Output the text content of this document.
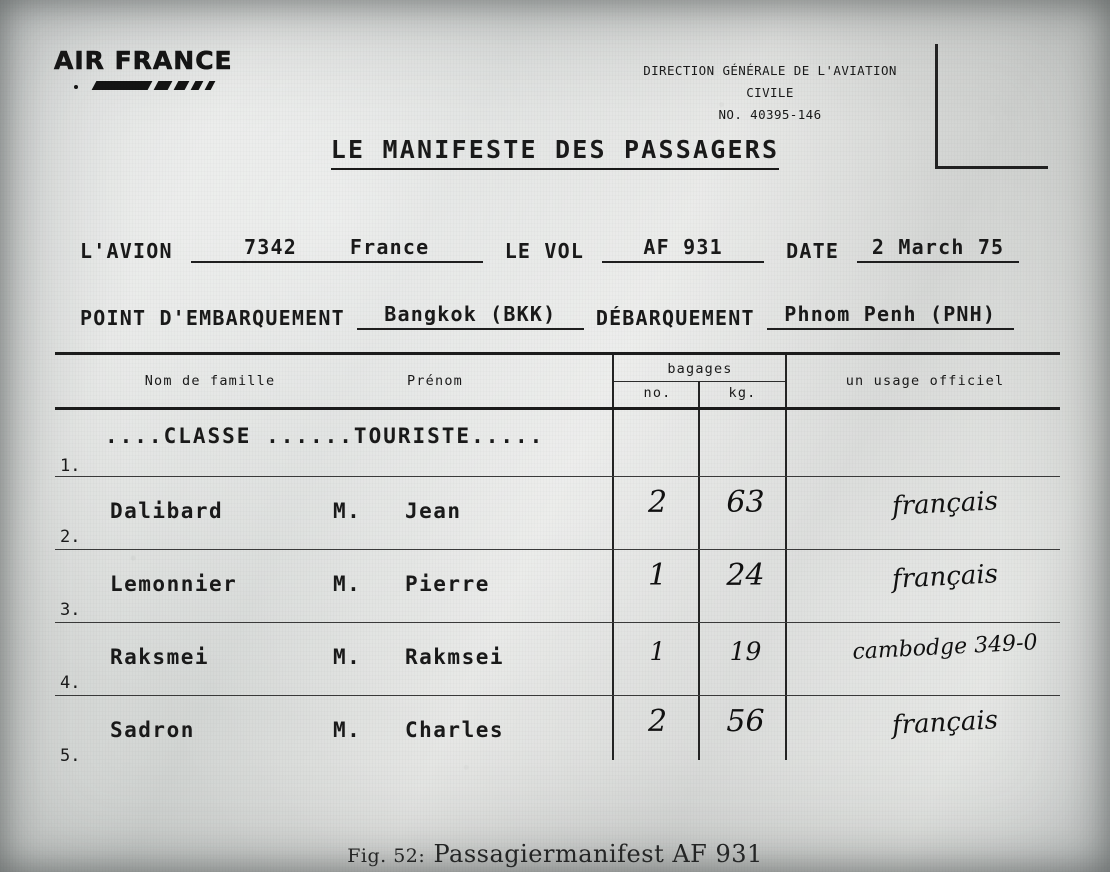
AIR FRANCE	DIRECTION GÉNÉRALE DE L'AVIATION CIVILE
NO. 40395-146
LE MANIFESTE DES PASSAGERS
L'AVION	7342	France	LE VOL	AF 931	DATE	2 March 75
POINT D'EMBARQUEMENT	Bangkok (BKK)	DÉBARQUEMENT	Phnom Penh (PNH)
Nom de famille	Prénom
bagages
no.	kg.
un usage officiel
1.
....CLASSE ......TOURISTE.....
2.
Dalibard	M. Jean	2	63	français
3.
Lemonnier	M. Pierre	1	24	français
4.
Raksmei	M. Rakmsei	1	19	cambodge 349-0
5.
Sadron	M. Charles	2	56	français
Fig. 52: Passagiermanifest AF 931
